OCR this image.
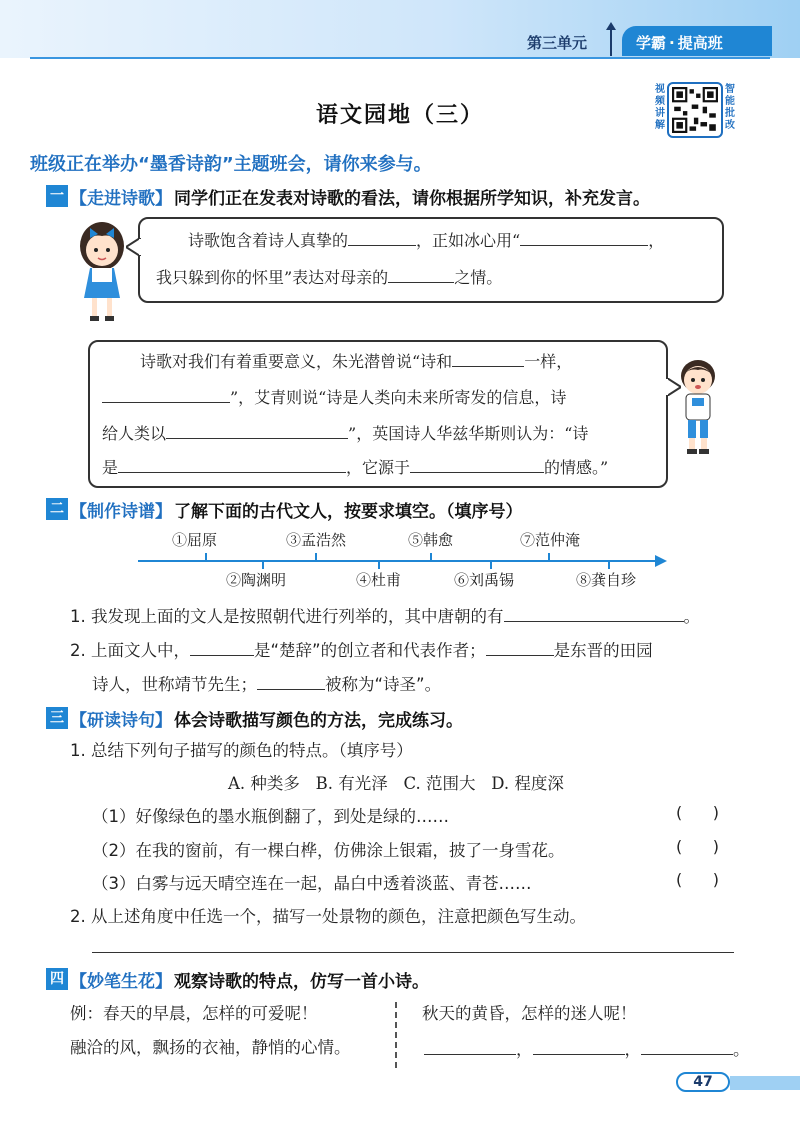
第三单元	学霸 · 提高班
语文园地（三）
视频讲解
智能批改
班级正在举办“墨香诗韵”主题班会，请你来参与。
一 【走进诗歌】 同学们正在发表对诗歌的看法，请你根据所学知识，补充发言。
诗歌饱含着诗人真挚的	，正如冰心用“	，
我只躲到你的怀里”表达对母亲的	之情。
诗歌对我们有着重要意义，朱光潜曾说“诗和	一样，
”，艾青则说“诗是人类向未来所寄发的信息，诗
给人类以	”，英国诗人华兹华斯则认为：“诗
是	，它源于	的情感。”
二 【制作诗谱】 了解下面的古代文人，按要求填空。（填序号）
①屈原	③孟浩然	⑤韩愈	⑦范仲淹
②陶渊明	④杜甫	⑥刘禹锡	⑧龚自珍
1. 我发现上面的文人是按照朝代进行列举的，其中唐朝的有	。
2. 上面文人中，	是“楚辞”的创立者和代表作者；	是东晋的田园
诗人，世称靖节先生；	被称为“诗圣”。
三 【研读诗句】 体会诗歌描写颜色的方法，完成练习。
1. 总结下列句子描写的颜色的特点。（填序号）
A. 种类多   B. 有光泽   C. 范围大   D. 程度深
（1）好像绿色的墨水瓶倒翻了，到处是绿的……	(      )
（2）在我的窗前，有一棵白桦，仿佛涂上银霜，披了一身雪花。	(      )
（3）白雾与远天晴空连在一起，晶白中透着淡蓝、青苍……	(      )
2. 从上述角度中任选一个，描写一处景物的颜色，注意把颜色写生动。
四 【妙笔生花】 观察诗歌的特点，仿写一首小诗。
例：春天的早晨，怎样的可爱呢！
融洽的风，飘扬的衣袖，静悄的心情。
秋天的黄昏，怎样的迷人呢！
，	，	。
47
